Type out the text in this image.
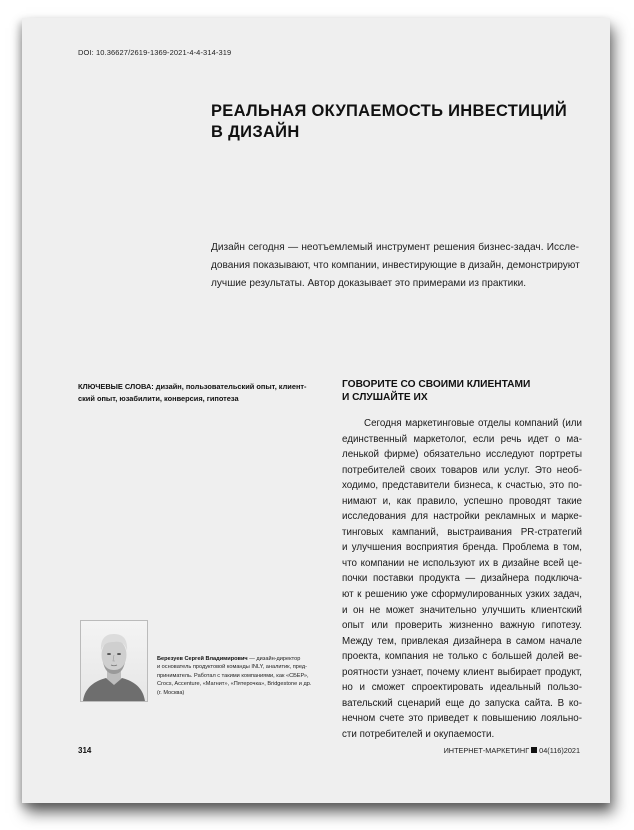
DOI: 10.36627/2619-1369-2021-4-4-314-319
РЕАЛЬНАЯ ОКУПАЕМОСТЬ ИНВЕСТИЦИЙ
В ДИЗАЙН
Дизайн сегодня — неотъемлемый инструмент решения бизнес-задач. Иссле-
дования показывают, что компании, инвестирующие в дизайн, демонстрируют
лучшие результаты. Автор доказывает это примерами из практики.
КЛЮЧЕВЫЕ СЛОВА: дизайн, пользовательский опыт, клиент-
ский опыт, юзабилити, конверсия, гипотеза
ГОВОРИТЕ СО СВОИМИ КЛИЕНТАМИ
И СЛУШАЙТЕ ИХ
Сегодня маркетинговые отделы компаний (или
единственный маркетолог, если речь идет о ма-
ленькой фирме) обязательно исследуют портреты
потребителей своих товаров или услуг. Это необ-
ходимо, представители бизнеса, к счастью, это по-
нимают и, как правило, успешно проводят такие
исследования для настройки рекламных и марке-
тинговых кампаний, выстраивания PR-стратегий
и улучшения восприятия бренда. Проблема в том,
что компании не используют их в дизайне всей це-
почки поставки продукта — дизайнера подключа-
ют к решению уже сформулированных узких задач,
и он не может значительно улучшить клиентский
опыт или проверить жизненно важную гипотезу.
Между тем, привлекая дизайнера в самом начале
проекта, компания не только с большей долей ве-
роятности узнает, почему клиент выбирает продукт,
но и сможет спроектировать идеальный пользо-
вательский сценарий еще до запуска сайта. В ко-
нечном счете это приведет к повышению лояльно-
сти потребителей и окупаемости.
Березуев Сергей Владимирович — дизайн-директор
и основатель продуктовой команды INLY, аналитик, пред-
приниматель. Работал с такими компаниями, как «СБЕР»,
Crocs, Accenture, «Магнит», «Пятерочка», Bridgestone и др.
(г. Москва)
314	ИНТЕРНЕТ-МАРКЕТИНГ 04(116)2021
